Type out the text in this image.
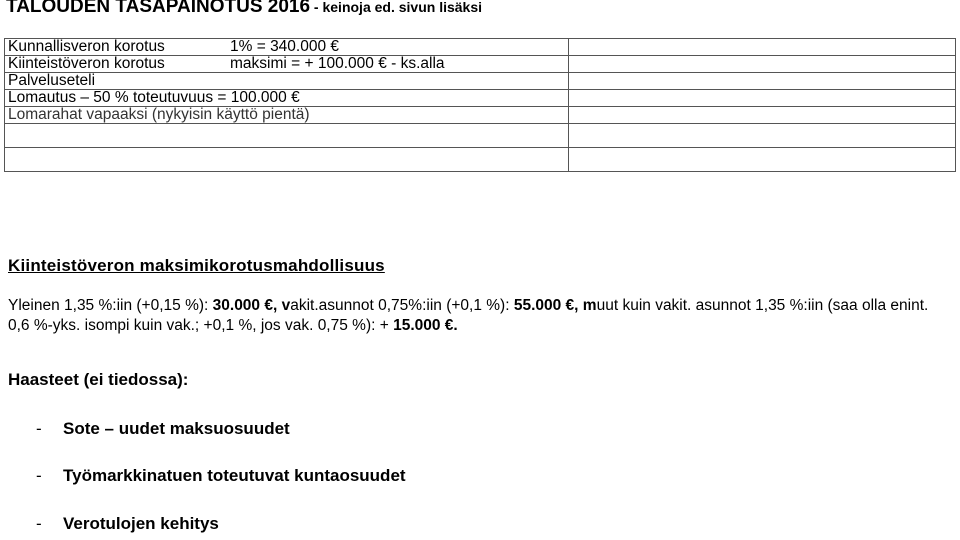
TALOUDEN TASAPAINOTUS 2016 - keinoja ed. sivun lisäksi
Kunnallisveron korotus 1% = 340.000 €	
Kiinteistöveron korotus maksimi = + 100.000 € - ks.alla	
Palveluseteli	
Lomautus – 50 % toteutuvuus = 100.000 €	
Lomarahat vapaaksi (nykyisin käyttö pientä)	

Kiinteistöveron maksimikorotusmahdollisuus
Yleinen 1,35 %:iin (+0,15 %): 30.000 €, vakit.asunnot 0,75%:iin (+0,1 %): 55.000 €, muut kuin vakit. asunnot 1,35 %:iin (saa olla enint. 0,6 %-yks. isompi kuin vak.; +0,1 %, jos vak. 0,75 %): + 15.000 €.
Haasteet (ei tiedossa):
- Sote – uudet maksuosuudet
- Työmarkkinatuen toteutuvat kuntaosuudet
- Verotulojen kehitys
